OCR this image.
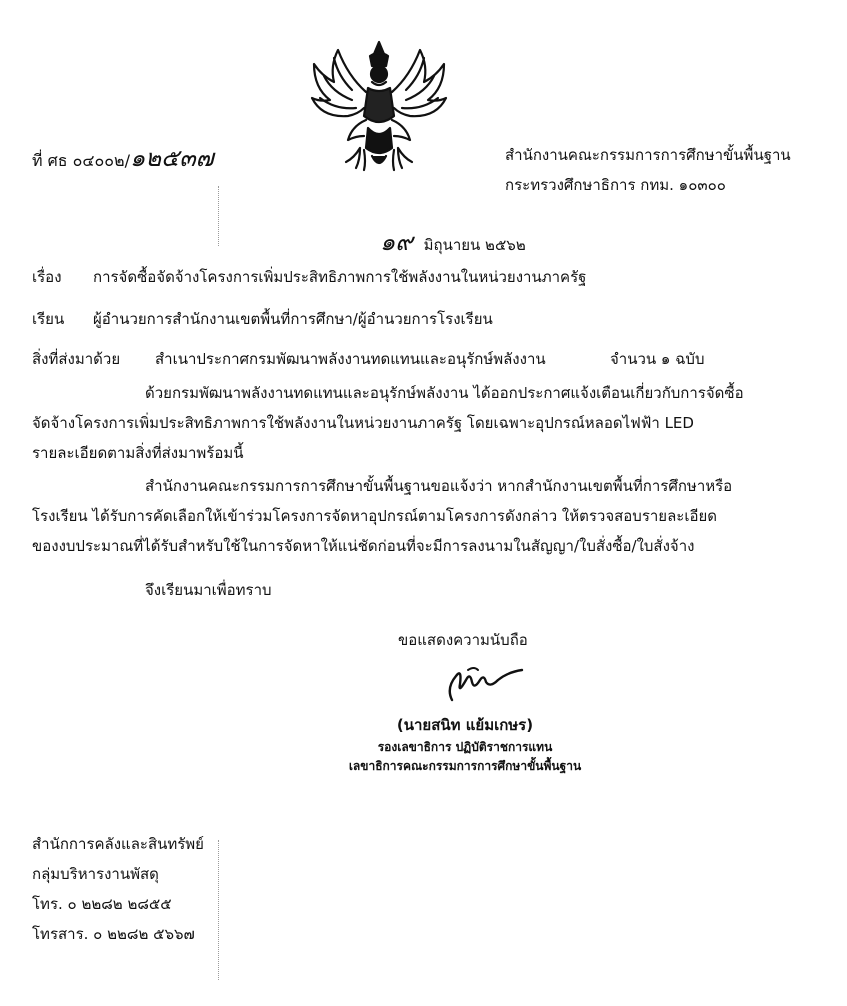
ที่ ศธ ๐๔๐๐๒/๑๒๕๓๗	สำนักงานคณะกรรมการการศึกษาขั้นพื้นฐาน
กระทรวงศึกษาธิการ กทม. ๑๐๓๐๐
๑๙ มิถุนายน ๒๕๖๒
เรื่อง การจัดซื้อจัดจ้างโครงการเพิ่มประสิทธิภาพการใช้พลังงานในหน่วยงานภาครัฐ
เรียน ผู้อำนวยการสำนักงานเขตพื้นที่การศึกษา/ผู้อำนวยการโรงเรียน
สิ่งที่ส่งมาด้วย สำเนาประกาศกรมพัฒนาพลังงานทดแทนและอนุรักษ์พลังงาน	จำนวน ๑ ฉบับ

ด้วยกรมพัฒนาพลังงานทดแทนและอนุรักษ์พลังงาน ได้ออกประกาศแจ้งเตือนเกี่ยวกับการจัดซื้อ

จัดจ้างโครงการเพิ่มประสิทธิภาพการใช้พลังงานในหน่วยงานภาครัฐ โดยเฉพาะอุปกรณ์หลอดไฟฟ้า LED

รายละเอียดตามสิ่งที่ส่งมาพร้อมนี้

สำนักงานคณะกรรมการการศึกษาขั้นพื้นฐานขอแจ้งว่า หากสำนักงานเขตพื้นที่การศึกษาหรือ

โรงเรียน ได้รับการคัดเลือกให้เข้าร่วมโครงการจัดหาอุปกรณ์ตามโครงการดังกล่าว ให้ตรวจสอบรายละเอียด

ของงบประมาณที่ได้รับสำหรับใช้ในการจัดหาให้แน่ชัดก่อนที่จะมีการลงนามในสัญญา/ใบสั่งซื้อ/ใบสั่งจ้าง

จึงเรียนมาเพื่อทราบ
ขอแสดงความนับถือ
(นายสนิท แย้มเกษร)
รองเลขาธิการ ปฏิบัติราชการแทน
เลขาธิการคณะกรรมการการศึกษาขั้นพื้นฐาน
สำนักการคลังและสินทรัพย์
กลุ่มบริหารงานพัสดุ
โทร. ๐ ๒๒๘๒ ๒๘๕๕
โทรสาร. ๐ ๒๒๘๒ ๕๖๖๗
